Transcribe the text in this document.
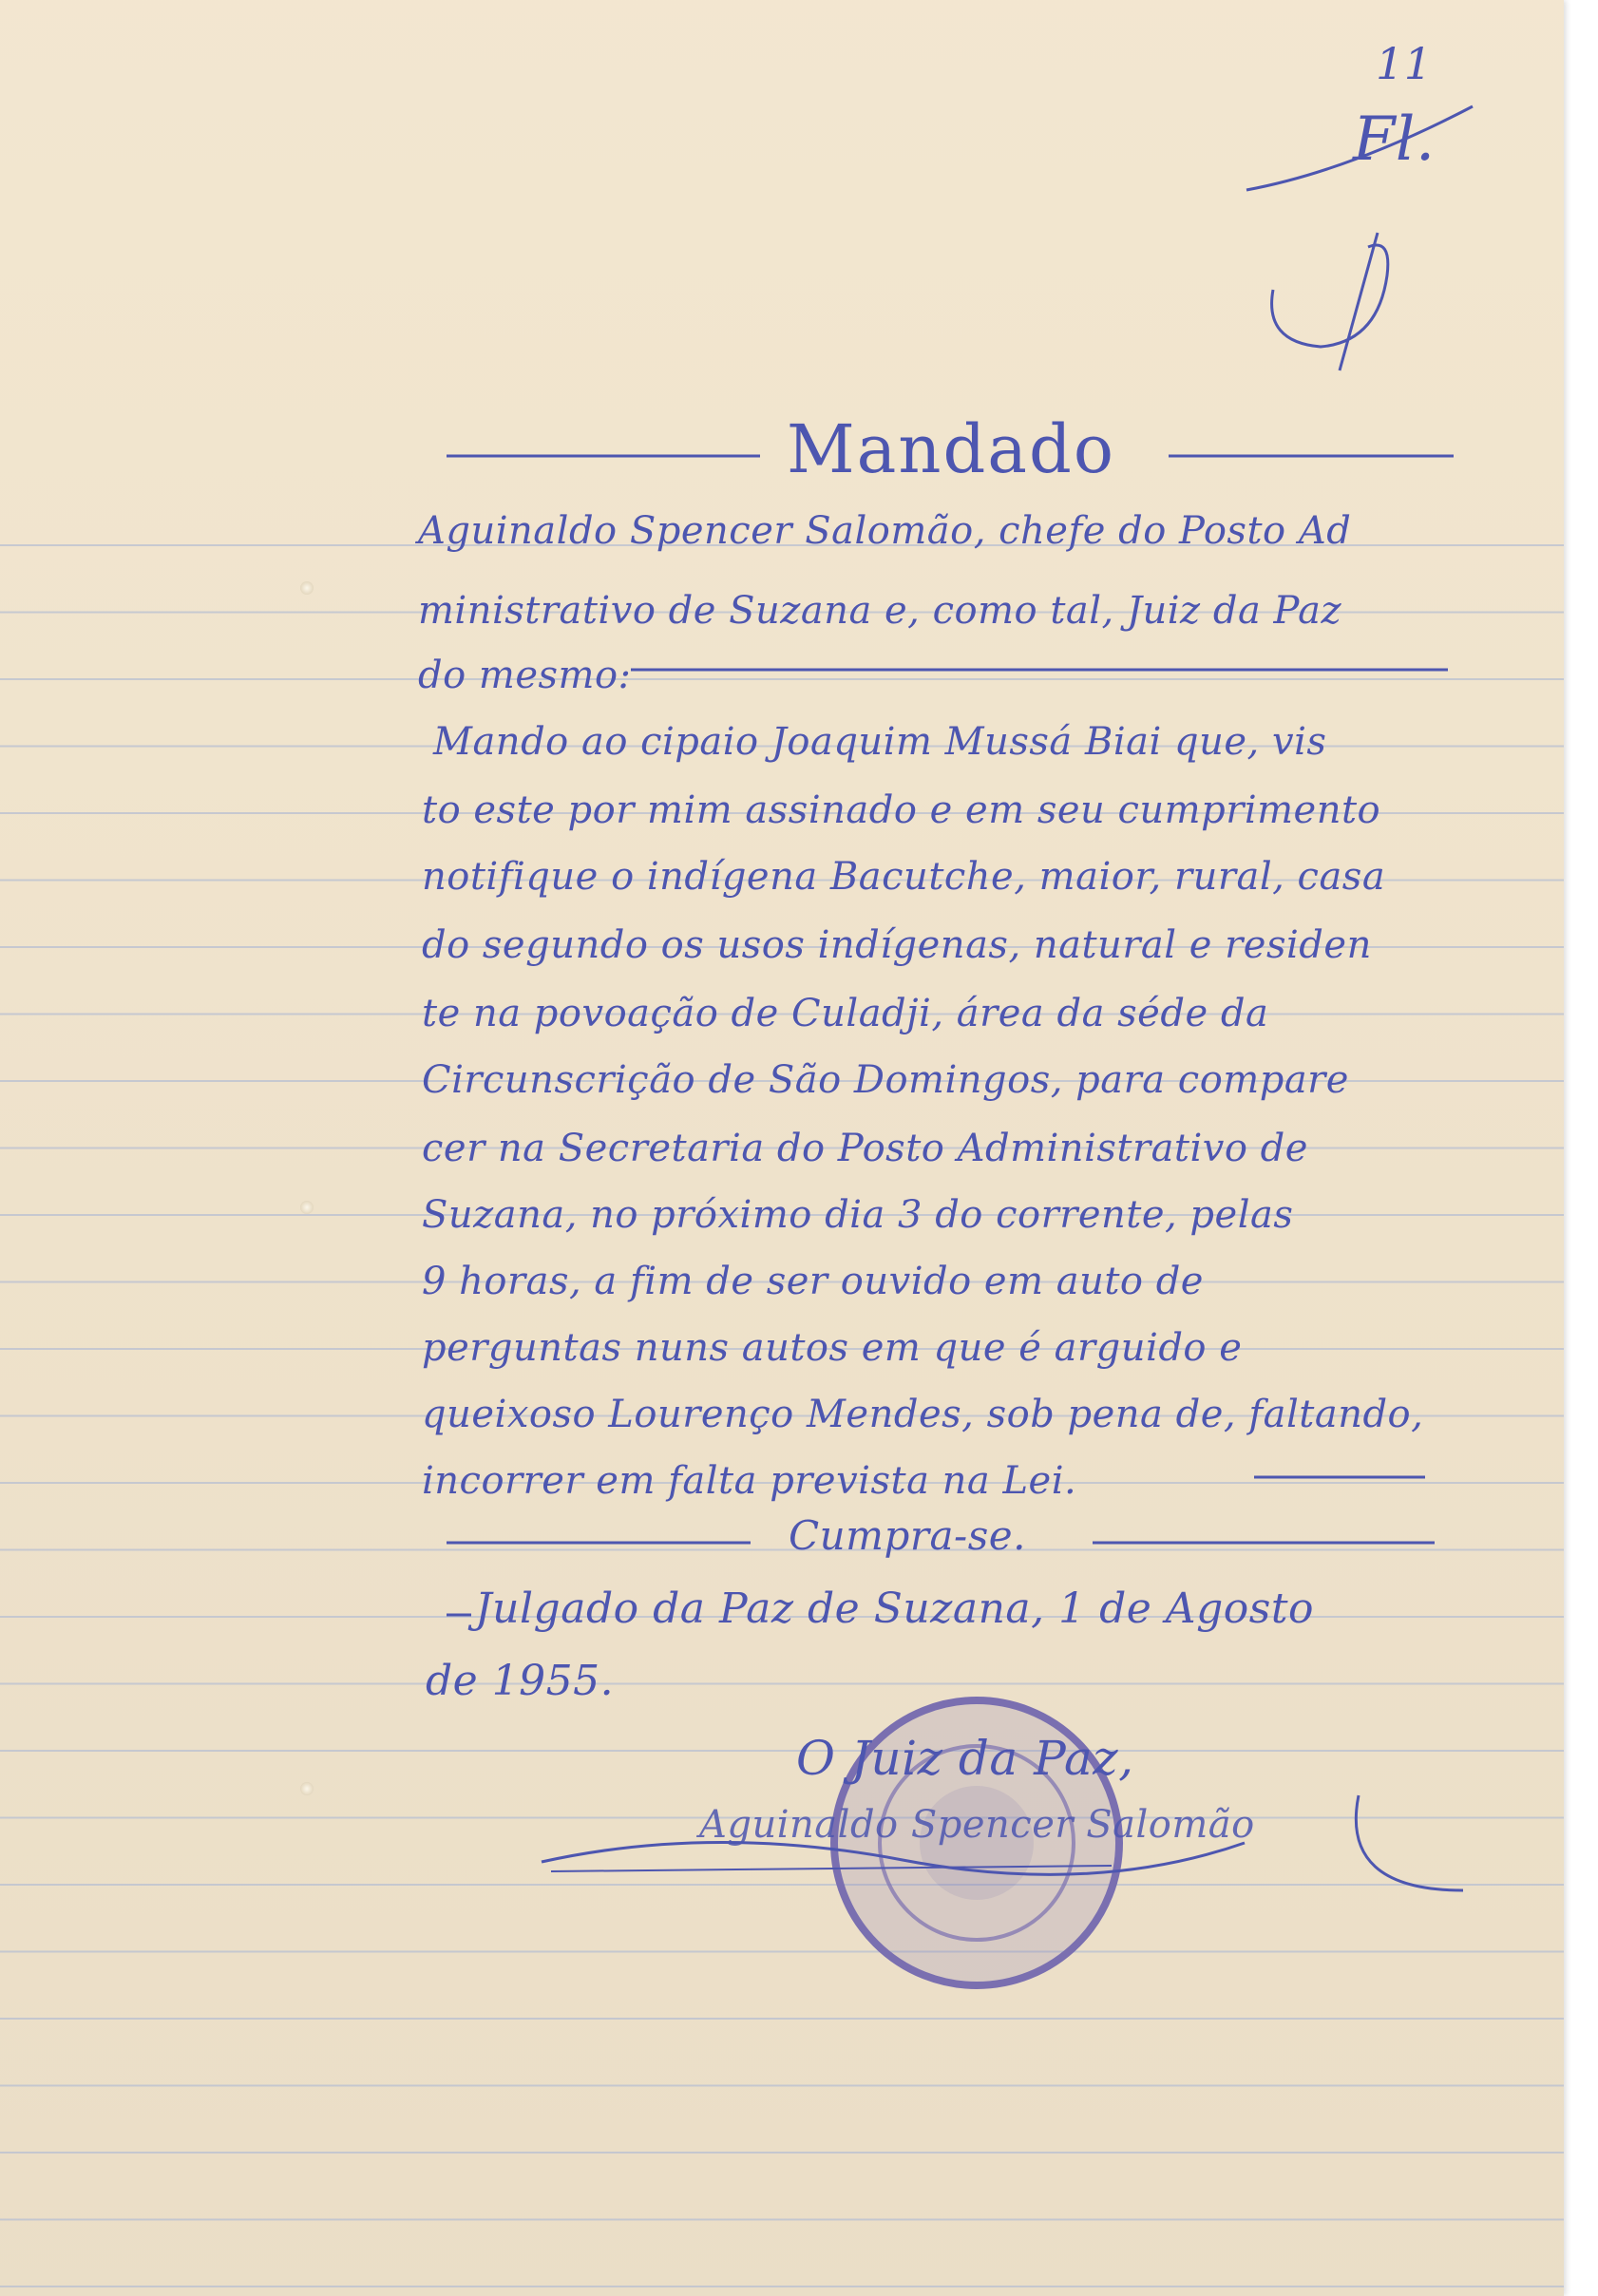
11
Fl.
Mandado
Aguinaldo Spencer Salomão, chefe do Posto Ad
ministrativo de Suzana e, como tal, Juiz da Paz
do mesmo:
Mando ao cipaio Joaquim Mussá Biai que, vis
to este por mim assinado e em seu cumprimento
notifique o indígena Bacutche, maior, rural, casa
do segundo os usos indígenas, natural e residen
te na povoação de Culadji, área da séde da
Circunscrição de São Domingos, para compare
cer na Secretaria do Posto Administrativo de
Suzana, no próximo dia 3 do corrente, pelas
9 horas, a fim de ser ouvido em auto de
perguntas nuns autos em que é arguido e
queixoso Lourenço Mendes, sob pena de, faltando,
incorrer em falta prevista na Lei.
Cumpra-se.
Julgado da Paz de Suzana, 1 de Agosto
de 1955.
O Juiz da Paz,
Aguinaldo Spencer Salomão
